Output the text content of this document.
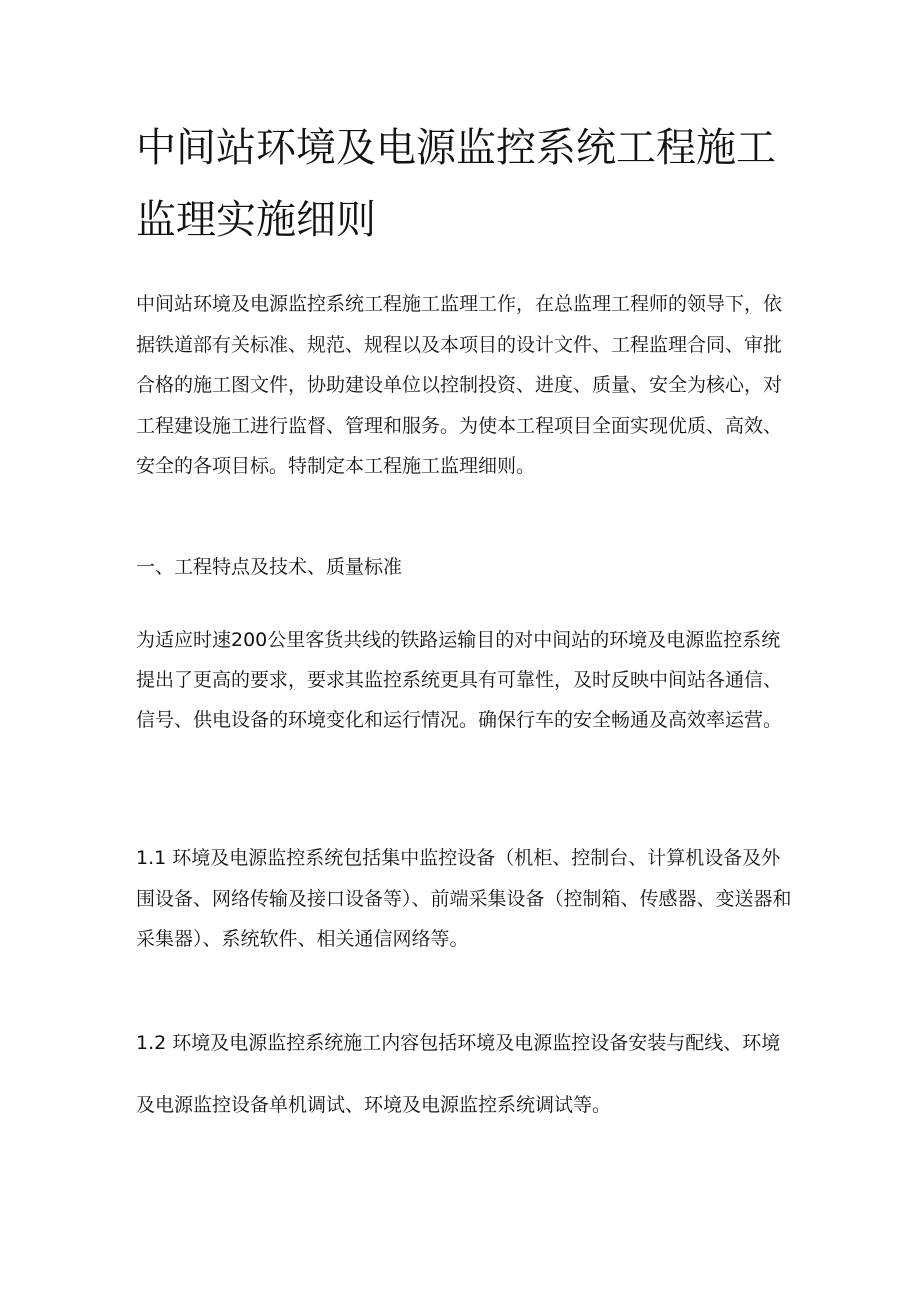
中间站环境及电源监控系统工程施工监理实施细则

中间站环境及电源监控系统工程施工监理工作，在总监理工程师的领导下，依据铁道部有关标准、规范、规程以及本项目的设计文件、工程监理合同、审批合格的施工图文件，协助建设单位以控制投资、进度、质量、安全为核心，对工程建设施工进行监督、管理和服务。为使本工程项目全面实现优质、高效、安全的各项目标。特制定本工程施工监理细则。

一、工程特点及技术、质量标准

为适应时速200公里客货共线的铁路运输目的对中间站的环境及电源监控系统提出了更高的要求，要求其监控系统更具有可靠性，及时反映中间站各通信、信号、供电设备的环境变化和运行情况。确保行车的安全畅通及高效率运营。

1.1 环境及电源监控系统包括集中监控设备（机柜、控制台、计算机设备及外围设备、网络传输及接口设备等）、前端采集设备（控制箱、传感器、变送器和采集器）、系统软件、相关通信网络等。

1.2 环境及电源监控系统施工内容包括环境及电源监控设备安装与配线、环境及电源监控设备单机调试、环境及电源监控系统调试等。
